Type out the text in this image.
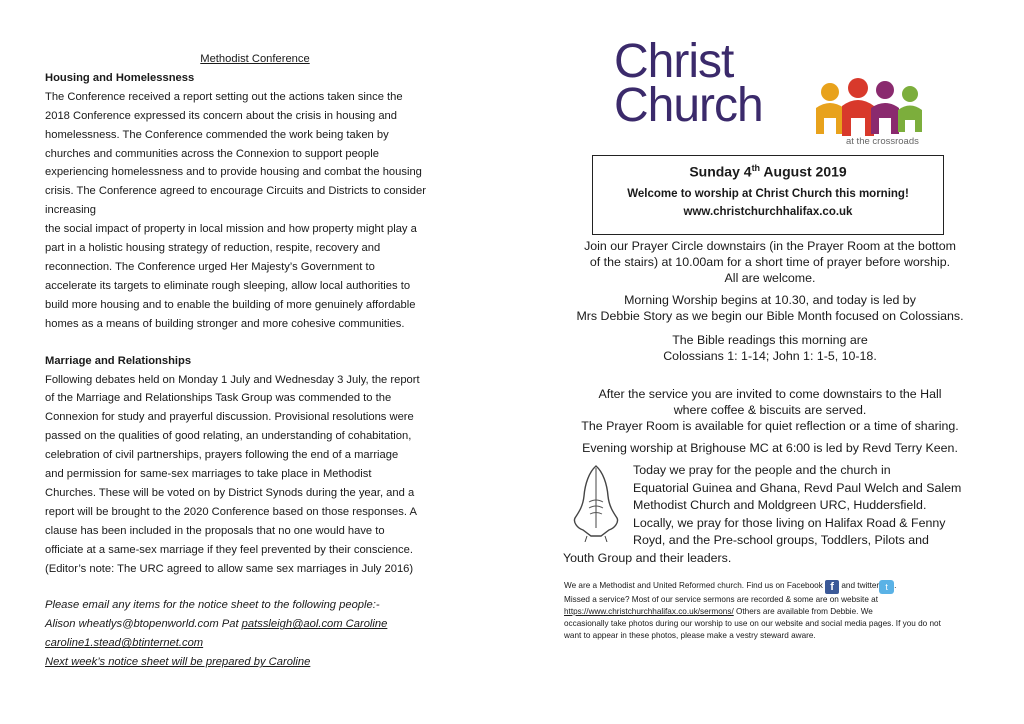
Methodist Conference

Housing and Homelessness

The Conference received a report setting out the actions taken since the

2018 Conference expressed its concern about the crisis in housing and

homelessness. The Conference commended the work being taken by

churches and communities across the Connexion to support people

experiencing homelessness and to provide housing and combat the housing

crisis. The Conference agreed to encourage Circuits and Districts to consider

increasing

the social impact of property in local mission and how property might play a

part in a holistic housing strategy of reduction, respite, recovery and

reconnection. The Conference urged Her Majesty’s Government to

accelerate its targets to eliminate rough sleeping, allow local authorities to

build more housing and to enable the building of more genuinely affordable

homes as a means of building stronger and more cohesive communities.

Marriage and Relationships

Following debates held on Monday 1 July and Wednesday 3 July, the report

of the Marriage and Relationships Task Group was commended to the

Connexion for study and prayerful discussion. Provisional resolutions were

passed on the qualities of good relating, an understanding of cohabitation,

celebration of civil partnerships, prayers following the end of a marriage

and permission for same-sex marriages to take place in Methodist

Churches. These will be voted on by District Synods during the year, and a

report will be brought to the 2020 Conference based on those responses. A

clause has been included in the proposals that no one would have to

officiate at a same-sex marriage if they feel prevented by their conscience.

(Editor’s note: The URC agreed to allow same sex marriages in July 2016)

Please email any items for the notice sheet to the following people:-

Alison wheatlys@btopenworld.com Pat patssleigh@aol.com Caroline

caroline1.stead@btinternet.com

Next week’s notice sheet will be prepared by Caroline

Christ
Church
at the crossroads
Sunday 4th August 2019
Welcome to worship at Christ Church this morning!
www.christchurchhalifax.co.uk

Join our Prayer Circle downstairs (in the Prayer Room at the bottom

of the stairs) at 10.00am for a short time of prayer before worship.

All are welcome.

Morning Worship begins at 10.30, and today is led by

Mrs Debbie Story as we begin our Bible Month focused on Colossians.

The Bible readings this morning are

Colossians 1: 1-14; John 1: 1-5, 10-18.

After the service you are invited to come downstairs to the Hall

where coffee & biscuits are served.

The Prayer Room is available for quiet reflection or a time of sharing.

Evening worship at Brighouse MC at 6:00 is led by Revd Terry Keen.

Today we pray for the people and the church in

Equatorial Guinea and Ghana, Revd Paul Welch and Salem

Methodist Church and Moldgreen URC, Huddersfield.

Locally, we pray for those living on Halifax Road & Fenny

Royd, and the Pre-school groups, Toddlers, Pilots and

Youth Group and their leaders.

We are a Methodist and United Reformed church. Find us on Facebook f and twitter t .

Missed a service? Most of our service sermons are recorded & some are on website at

https://www.christchurchhalifax.co.uk/sermons/ Others are available from Debbie. We

occasionally take photos during our worship to use on our website and social media pages. If you do not

want to appear in these photos, please make a vestry steward aware.
